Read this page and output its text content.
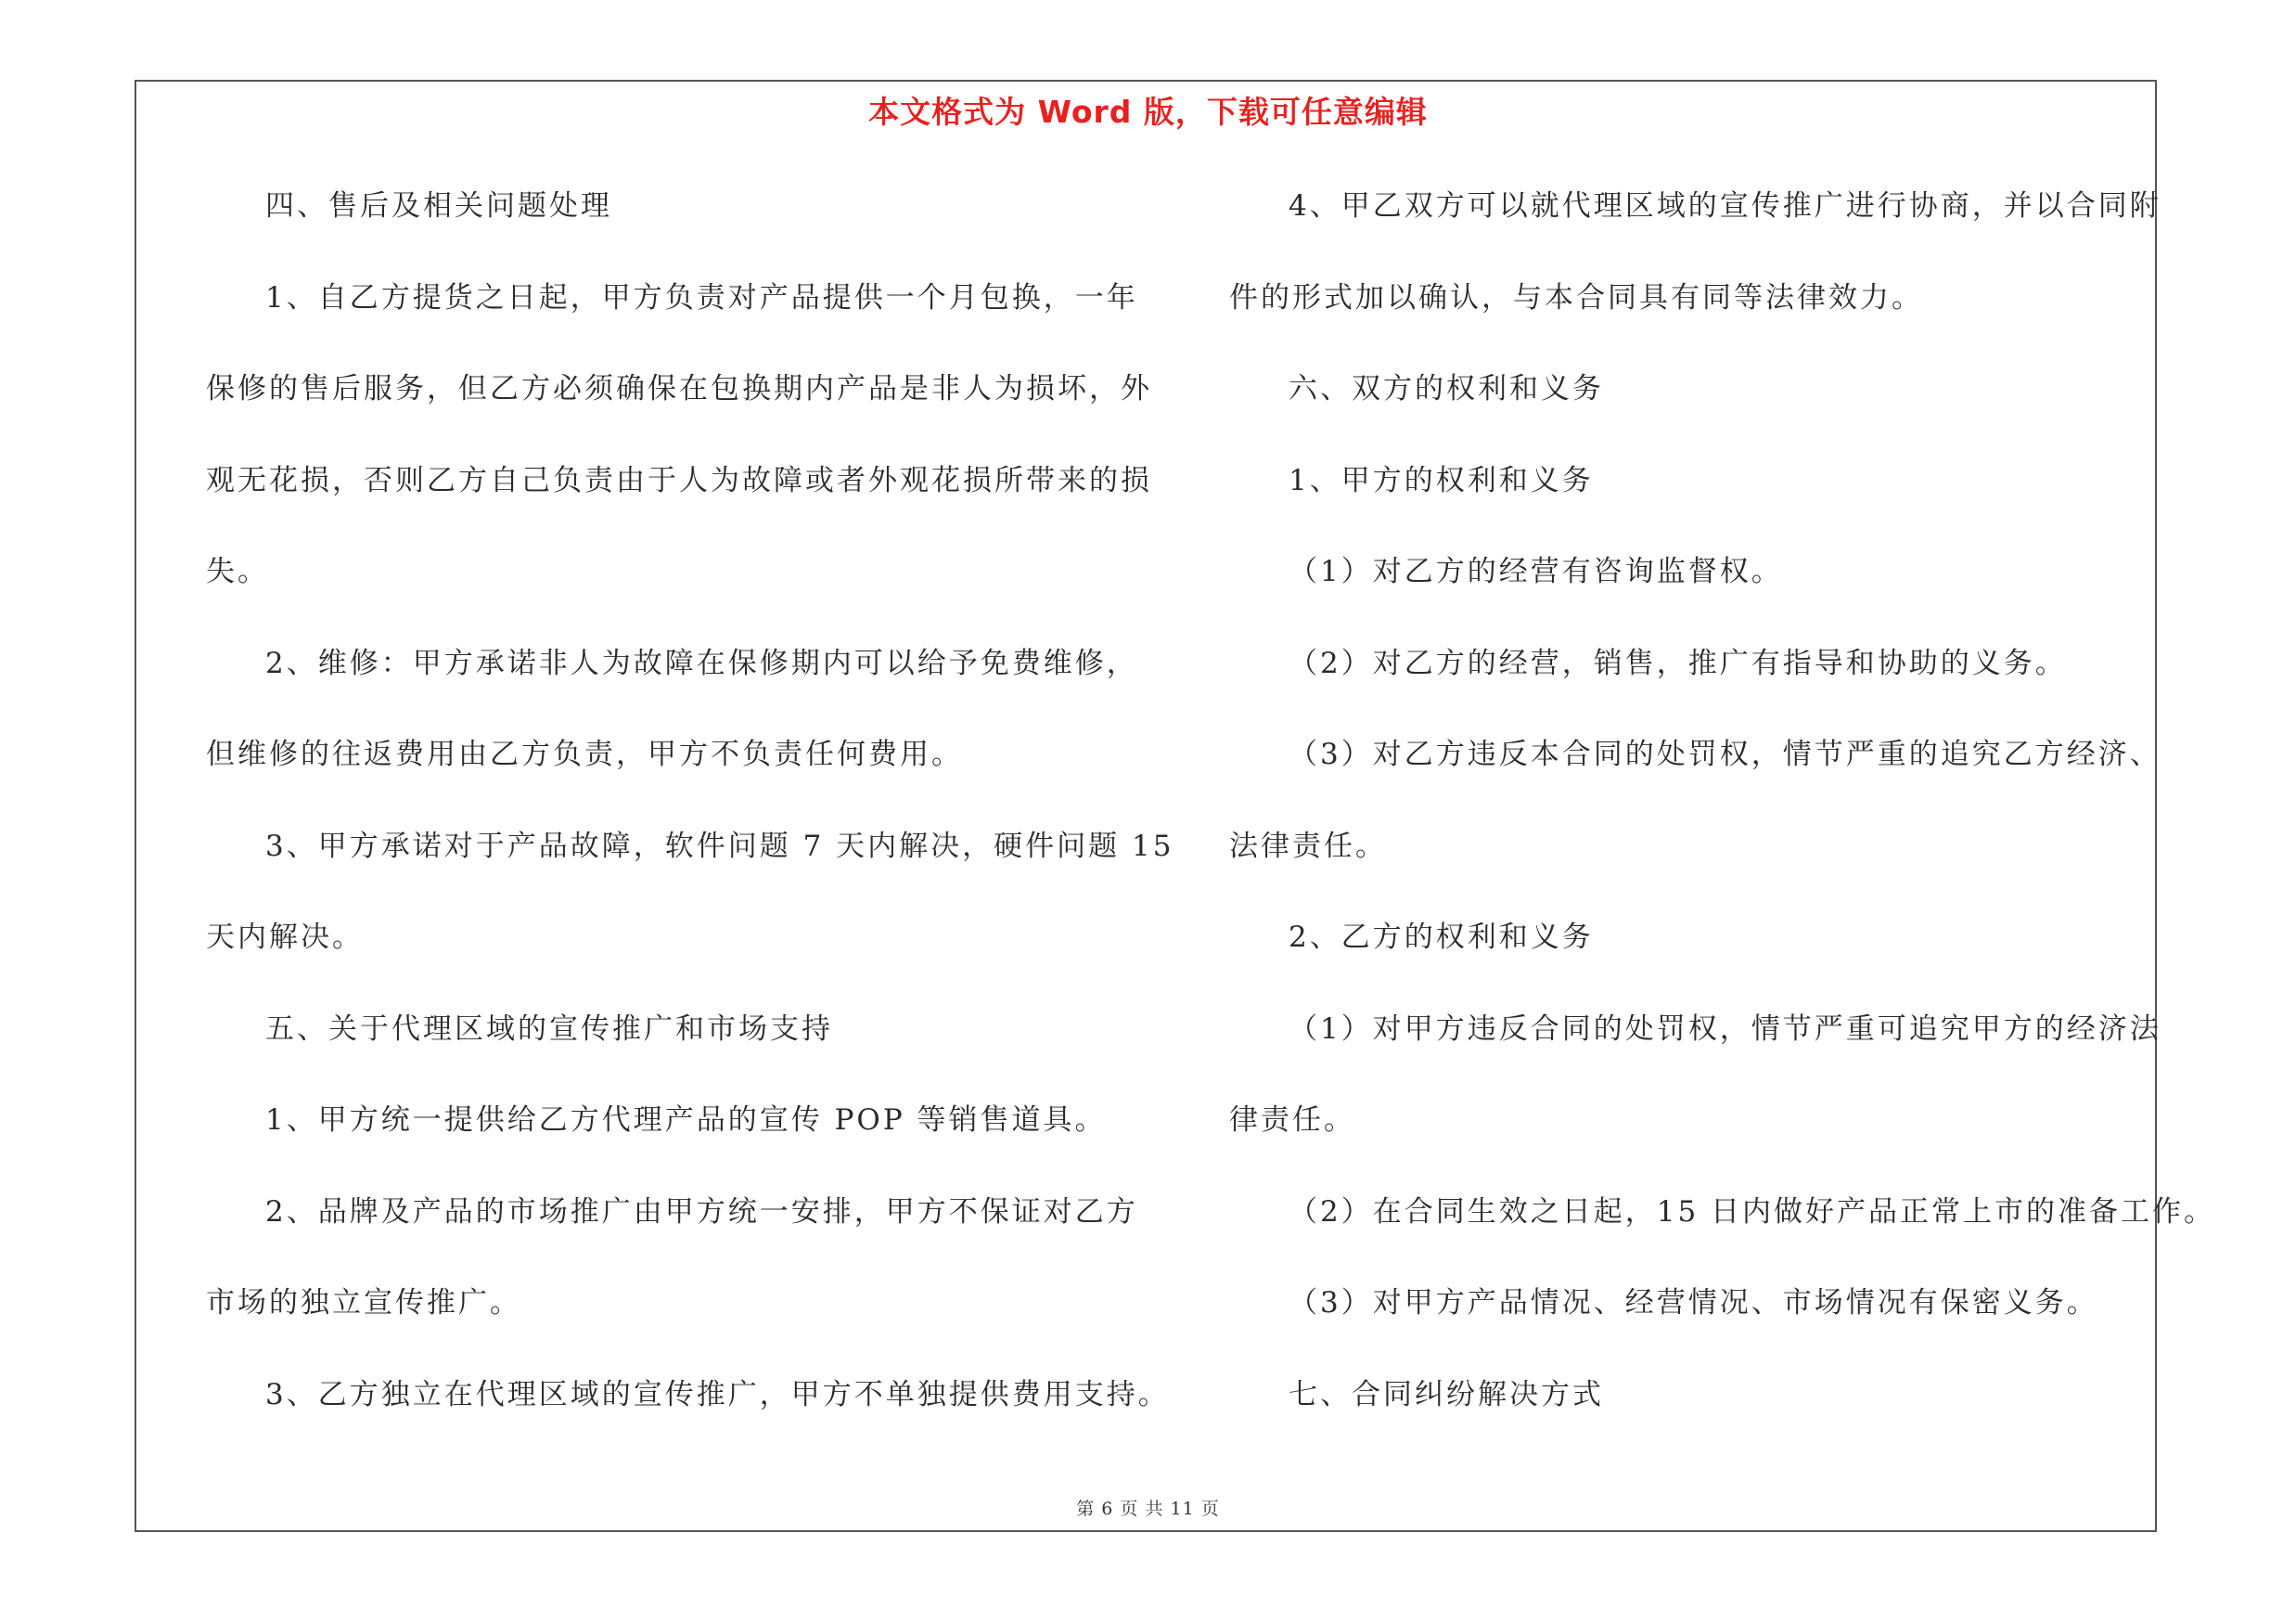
本文格式为 Word 版，下载可任意编辑
四、售后及相关问题处理
1、自乙方提货之日起，甲方负责对产品提供一个月包换，一年
保修的售后服务，但乙方必须确保在包换期内产品是非人为损坏，外
观无花损，否则乙方自己负责由于人为故障或者外观花损所带来的损
失。
2、维修：甲方承诺非人为故障在保修期内可以给予免费维修，
但维修的往返费用由乙方负责，甲方不负责任何费用。
3、甲方承诺对于产品故障，软件问题 7 天内解决，硬件问题 15
天内解决。
五、关于代理区域的宣传推广和市场支持
1、甲方统一提供给乙方代理产品的宣传 POP 等销售道具。
2、品牌及产品的市场推广由甲方统一安排，甲方不保证对乙方
市场的独立宣传推广。
3、乙方独立在代理区域的宣传推广，甲方不单独提供费用支持。
4、甲乙双方可以就代理区域的宣传推广进行协商，并以合同附
件的形式加以确认，与本合同具有同等法律效力。
六、双方的权利和义务
1、甲方的权利和义务
（1）对乙方的经营有咨询监督权。
（2）对乙方的经营，销售，推广有指导和协助的义务。
（3）对乙方违反本合同的处罚权，情节严重的追究乙方经济、
法律责任。
2、乙方的权利和义务
（1）对甲方违反合同的处罚权，情节严重可追究甲方的经济法
律责任。
（2）在合同生效之日起，15 日内做好产品正常上市的准备工作。
（3）对甲方产品情况、经营情况、市场情况有保密义务。
七、合同纠纷解决方式
第 6 页 共 11 页
